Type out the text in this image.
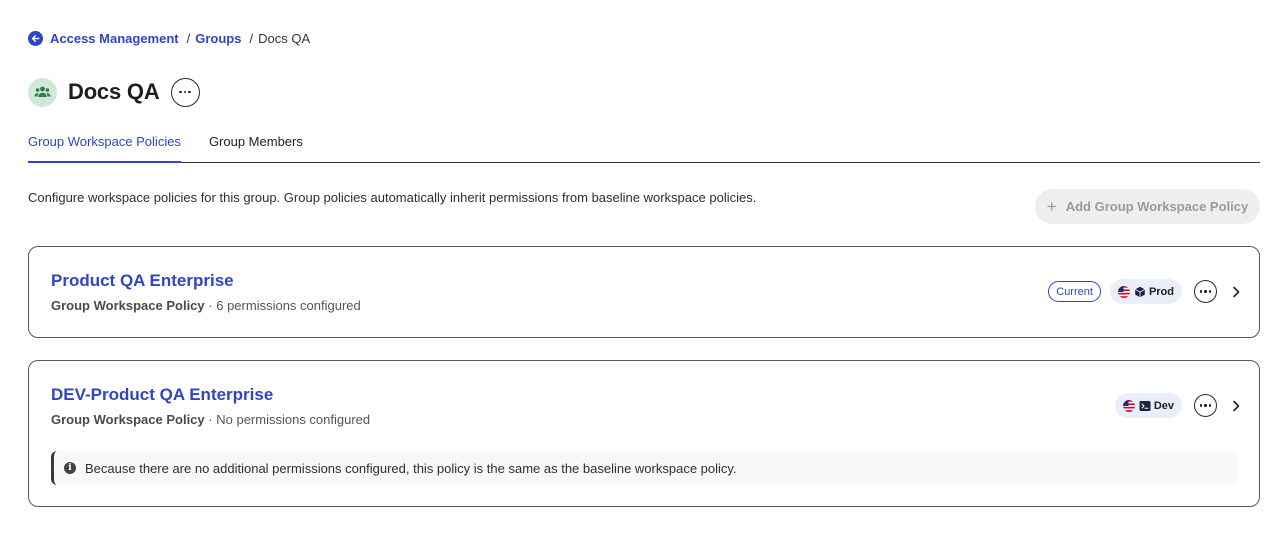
Access Management / Groups / Docs QA
Docs QA
Group Workspace Policies Group Members
Configure workspace policies for this group. Group policies automatically inherit permissions from baseline workspace policies.	+ Add Group Workspace Policy
Product QA Enterprise
Group Workspace Policy · 6 permissions configured
Current	Prod
DEV-Product QA Enterprise
Group Workspace Policy · No permissions configured
Dev
i	Because there are no additional permissions configured, this policy is the same as the baseline workspace policy.
